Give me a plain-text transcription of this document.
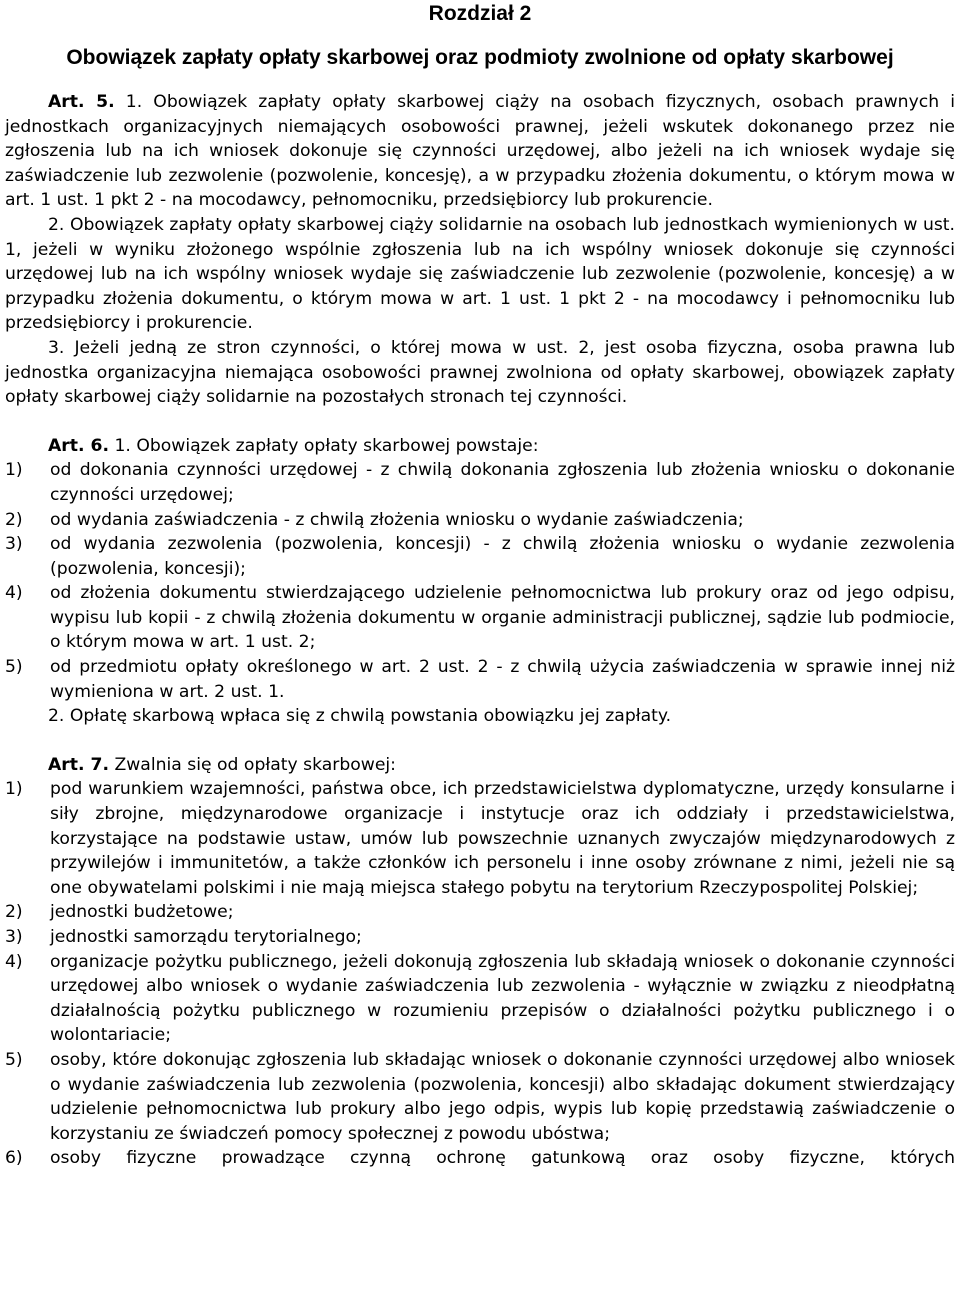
Rozdział 2
Obowiązek zapłaty opłaty skarbowej oraz podmioty zwolnione od opłaty skarbowej

Art. 5. 1. Obowiązek zapłaty opłaty skarbowej ciąży na osobach fizycznych, osobach prawnych i jednostkach organizacyjnych niemających osobowości prawnej, jeżeli wskutek dokonanego przez nie zgłoszenia lub na ich wniosek dokonuje się czynności urzędowej, albo jeżeli na ich wniosek wydaje się zaświadczenie lub zezwolenie (pozwolenie, koncesję), a w przypadku złożenia dokumentu, o którym mowa w art. 1 ust. 1 pkt 2 - na mocodawcy, pełnomocniku, przedsiębiorcy lub prokurencie.

2. Obowiązek zapłaty opłaty skarbowej ciąży solidarnie na osobach lub jednostkach wymienionych w ust. 1, jeżeli w wyniku złożonego wspólnie zgłoszenia lub na ich wspólny wniosek dokonuje się czynności urzędowej lub na ich wspólny wniosek wydaje się zaświadczenie lub zezwolenie (pozwolenie, koncesję) a w przypadku złożenia dokumentu, o którym mowa w art. 1 ust. 1 pkt 2 - na mocodawcy i pełnomocniku lub przedsiębiorcy i prokurencie.

3. Jeżeli jedną ze stron czynności, o której mowa w ust. 2, jest osoba fizyczna, osoba prawna lub jednostka organizacyjna niemająca osobowości prawnej zwolniona od opłaty skarbowej, obowiązek zapłaty opłaty skarbowej ciąży solidarnie na pozostałych stronach tej czynności.

Art. 6. 1. Obowiązek zapłaty opłaty skarbowej powstaje:

1)	od dokonania czynności urzędowej - z chwilą dokonania zgłoszenia lub złożenia wniosku o dokonanie czynności urzędowej;
2)	od wydania zaświadczenia - z chwilą złożenia wniosku o wydanie zaświadczenia;
3)	od wydania zezwolenia (pozwolenia, koncesji) - z chwilą złożenia wniosku o wydanie zezwolenia (pozwolenia, koncesji);
4)	od złożenia dokumentu stwierdzającego udzielenie pełnomocnictwa lub prokury oraz od jego odpisu, wypisu lub kopii - z chwilą złożenia dokumentu w organie administracji publicznej, sądzie lub podmiocie, o którym mowa w art. 1 ust. 2;
5)	od przedmiotu opłaty określonego w art. 2 ust. 2 - z chwilą użycia zaświadczenia w sprawie innej niż wymieniona w art. 2 ust. 1.

2. Opłatę skarbową wpłaca się z chwilą powstania obowiązku jej zapłaty.

Art. 7. Zwalnia się od opłaty skarbowej:

1)	pod warunkiem wzajemności, państwa obce, ich przedstawicielstwa dyplomatyczne, urzędy konsularne i siły zbrojne, międzynarodowe organizacje i instytucje oraz ich oddziały i przedstawicielstwa, korzystające na podstawie ustaw, umów lub powszechnie uznanych zwyczajów międzynarodowych z przywilejów i immunitetów, a także członków ich personelu i inne osoby zrównane z nimi, jeżeli nie są one obywatelami polskimi i nie mają miejsca stałego pobytu na terytorium Rzeczypospolitej Polskiej;
2)	jednostki budżetowe;
3)	jednostki samorządu terytorialnego;
4)	organizacje pożytku publicznego, jeżeli dokonują zgłoszenia lub składają wniosek o dokonanie czynności urzędowej albo wniosek o wydanie zaświadczenia lub zezwolenia - wyłącznie w związku z nieodpłatną działalnością pożytku publicznego w rozumieniu przepisów o działalności pożytku publicznego i o wolontariacie;
5)	osoby, które dokonując zgłoszenia lub składając wniosek o dokonanie czynności urzędowej albo wniosek o wydanie zaświadczenia lub zezwolenia (pozwolenia, koncesji) albo składając dokument stwierdzający udzielenie pełnomocnictwa lub prokury albo jego odpis, wypis lub kopię przedstawią zaświadczenie o korzystaniu ze świadczeń pomocy społecznej z powodu ubóstwa;
6)	osoby fizyczne prowadzące czynną ochronę gatunkową oraz osoby fizyczne, których
